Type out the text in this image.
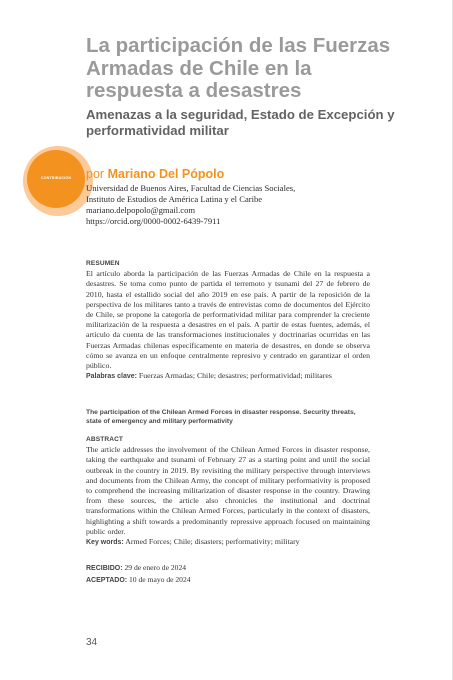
La participación de las Fuerzas Armadas de Chile en la respuesta a desastres
Amenazas a la seguridad, Estado de Excepción y performatividad militar
CONTRIBUCIÓN	por Mariano Del Pópolo
Universidad de Buenos Aires, Facultad de Ciencias Sociales,
Instituto de Estudios de América Latina y el Caribe
mariano.delpopolo@gmail.com
https://orcid.org/0000-0002-6439-7911
RESUMEN

El artículo aborda la participación de las Fuerzas Armadas de Chile en la respuesta a desastres. Se toma como punto de partida el terremoto y tsunami del 27 de febrero de 2010, hasta el estallido social del año 2019 en ese país. A partir de la reposición de la perspectiva de los militares tanto a través de entrevistas como de documentos del Ejército de Chile, se propone la categoría de performatividad militar para comprender la creciente militarización de la respuesta a desastres en el país. A partir de estas fuentes, además, el artículo da cuenta de las transformaciones institucionales y doctrinarias ocurridas en las Fuerzas Armadas chilenas específicamente en materia de desastres, en donde se observa cómo se avanza en un enfoque centralmente represivo y centrado en garantizar el orden público.

Palabras clave: Fuerzas Armadas; Chile; desastres; performatividad; militares
The participation of the Chilean Armed Forces in disaster response. Security threats, state of emergency and military performativity
ABSTRACT

The article addresses the involvement of the Chilean Armed Forces in disaster response, taking the earthquake and tsunami of February 27 as a starting point and until the social outbreak in the country in 2019. By revisiting the military perspective through interviews and documents from the Chilean Army, the concept of military performativity is proposed to comprehend the increasing militarization of disaster response in the country. Drawing from these sources, the article also chronicles the institutional and doctrinal transformations within the Chilean Armed Forces, particularly in the context of disasters, highlighting a shift towards a predominantly repressive approach focused on maintaining public order.

Key words: Armed Forces; Chile; disasters; performativity; military
RECIBIDO: 29 de enero de 2024
ACEPTADO: 10 de mayo de 2024
34
